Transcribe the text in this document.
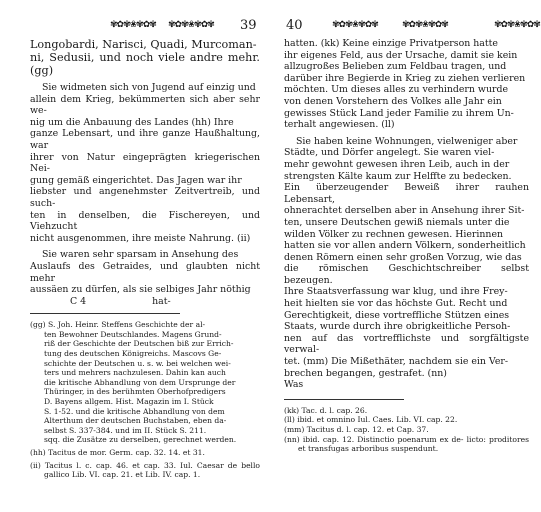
✾✿✾❀✾✿✾ ✾✿✾❀✾✿✾ 39

Longobardi, Narisci, Quadi, Murcoman-

ni, Sedusii, und noch viele andre mehr. (gg)

Sie widmeten sich von Jugend auf einzig und

allein dem Krieg, bekümmerten sich aber sehr we-

nig um die Anbauung des Landes (hh) Ihre

ganze Lebensart, und ihre ganze Haußhaltung, war

ihrer von Natur eingeprägten kriegerischen Nei-

gung gemäß eingerichtet. Das Jagen war ihr

liebster und angenehmster Zeitvertreib, und such-

ten in denselben, die Fischereyen, und Viehzucht

nicht ausgenommen, ihre meiste Nahrung. (ii)

Sie waren sehr sparsam in Ansehung des

Auslaufs des Getraides, und glaubten nicht mehr

aussäen zu dürfen, als sie selbiges Jahr nöthig

C 4	hat-

(gg) S. Joh. Heinr. Steffens Geschichte der al-

ten Bewohner Deutschlandes. Magens Grund-

riß der Geschichte der Deutschen biß zur Errich-

tung des deutschen Königreichs. Mascovs Ge-

schichte der Deutschen u. s. w. bei welchen wei-

ters und mehrers nachzulesen. Dahin kan auch

die kritische Abhandlung von dem Ursprunge der

Thüringer, in des berühmten Oberhofpredigers

D. Bayens allgem. Hist. Magazin im I. Stück

S. 1-52. und die kritische Abhandlung von dem

Alterthum der deutschen Buchstaben, eben da-

selbst S. 337-384. und im II. Stück S. 211.

sqq. die Zusätze zu derselben, gerechnet werden.

(hh) Tacitus de mor. Germ. cap. 32. 14. et 31.

(ii) Tacitus l. c. cap. 46. et cap. 33. Iul. Caesar de bello gallico Lib. VI. cap. 21. et Lib. IV. cap. 1.

40	✾✿✾❀✾✿✾	✾✿✾❀✾✿✾	✾✿✾❀✾✿✾

hatten. (kk) Keine einzige Privatperson hatte

ihr eigenes Feld, aus der Ursache, damit sie kein

allzugroßes Belieben zum Feldbau tragen, und

darüber ihre Begierde in Krieg zu ziehen verlieren

möchten. Um dieses alles zu verhindern wurde

von denen Vorstehern des Volkes alle Jahr ein

gewisses Stück Land jeder Familie zu ihrem Un-

terhalt angewiesen. (ll)

Sie haben keine Wohnungen, vielweniger aber

Städte, und Dörfer angelegt. Sie waren viel-

mehr gewohnt gewesen ihren Leib, auch in der

strengsten Kälte kaum zur Helffte zu bedecken.

Ein überzeugender Beweiß ihrer rauhen Lebensart,

ohnerachtet derselben aber in Ansehung ihrer Sit-

ten, unsere Deutschen gewiß niemals unter die

wilden Völker zu rechnen gewesen. Hierinnen

hatten sie vor allen andern Völkern, sonderheitlich

denen Römern einen sehr großen Vorzug, wie das

die römischen Geschichtschreiber selbst bezeugen.

Ihre Staatsverfassung war klug, und ihre Frey-

heit hielten sie vor das höchste Gut. Recht und

Gerechtigkeit, diese vortreffliche Stützen eines

Staats, wurde durch ihre obrigkeitliche Persoh-

nen auf das vortrefflichste und sorgfältigste verwal-

tet. (mm) Die Mißethäter, nachdem sie ein Ver-

brechen begangen, gestrafet. (nn)

Was

(kk) Tac. d. l. cap. 26.

(ll) ibid. et omnino Iul. Caes. Lib. VI. cap. 22.

(mm) Tacitus d. l. cap. 12. et Cap. 37.

(nn) ibid. cap. 12. Distinctio poenarum ex de- licto: proditores et transfugas arboribus suspendunt.
